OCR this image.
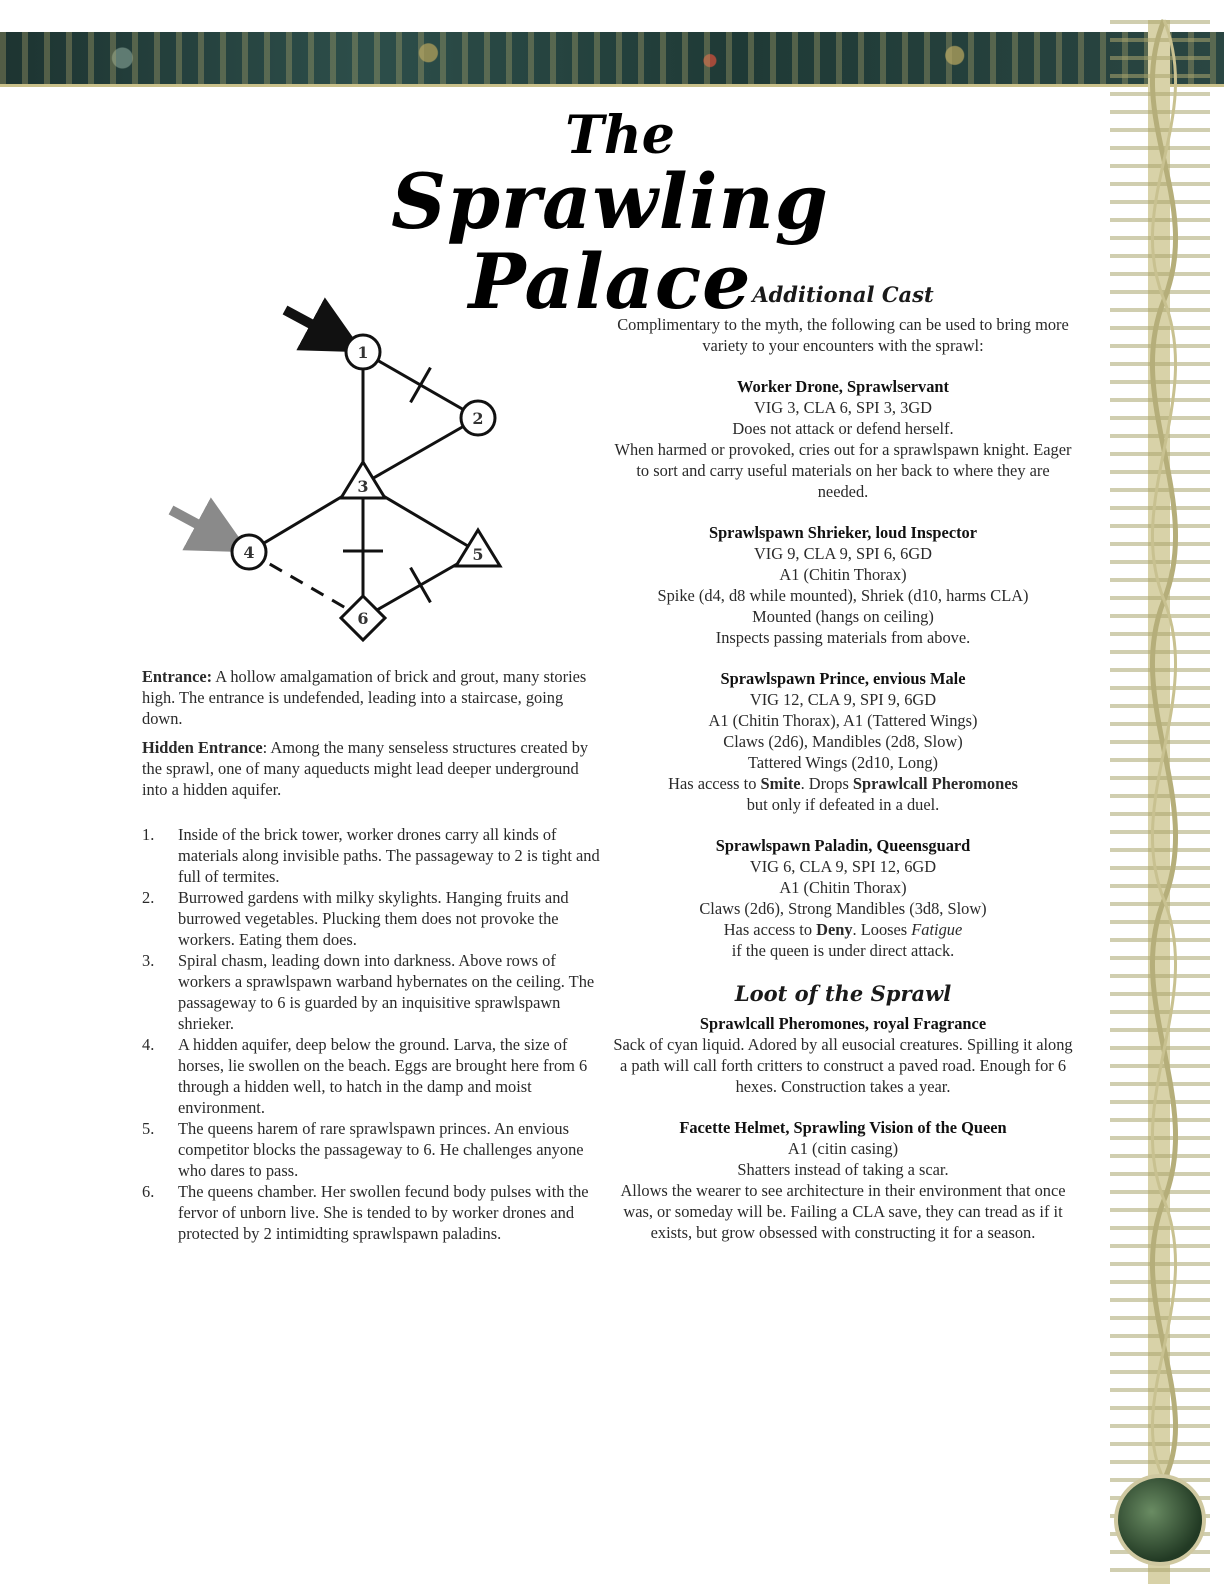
The
Sprawling Palace
1
2
3
4	5
6

Entrance: A hollow amalgamation of brick and grout, many stories high. The entrance is undefended, leading into a staircase, going down.

Hidden Entrance: Among the many senseless structures created by the sprawl, one of many aqueducts might lead deeper underground into a hidden aquifer.

1.	Inside of the brick tower, worker drones carry all kinds of materials along invisible paths. The passageway to 2 is tight and full of termites.
2.	Burrowed gardens with milky skylights. Hanging fruits and burrowed vegetables. Plucking them does not provoke the workers. Eating them does.
3.	Spiral chasm, leading down into darkness. Above rows of workers a sprawlspawn warband hybernates on the ceiling. The passageway to 6 is guarded by an inquisitive sprawlspawn shrieker.
4.	A hidden aquifer, deep below the ground. Larva, the size of horses, lie swollen on the beach. Eggs are brought here from 6 through a hidden well, to hatch in the damp and moist environment.
5.	The queens harem of rare sprawlspawn princes. An envious competitor blocks the passageway to 6. He challenges anyone who dares to pass.
6.	The queens chamber. Her swollen fecund body pulses with the fervor of unborn live. She is tended to by worker drones and protected by 2 intimidting sprawlspawn paladins.
Additional Cast
Complimentary to the myth, the following can be used to bring more variety to your encounters with the sprawl:
Worker Drone, Sprawlservant
VIG 3, CLA 6, SPI 3, 3GD
Does not attack or defend herself.
When harmed or provoked, cries out for a sprawlspawn knight. Eager to sort and carry useful materials on her back to where they are needed.
Sprawlspawn Shrieker, loud Inspector
VIG 9, CLA 9, SPI 6, 6GD
A1 (Chitin Thorax)
Spike (d4, d8 while mounted), Shriek (d10, harms CLA)
Mounted (hangs on ceiling)
Inspects passing materials from above.
Sprawlspawn Prince, envious Male
VIG 12, CLA 9, SPI 9, 6GD
A1 (Chitin Thorax), A1 (Tattered Wings)
Claws (2d6), Mandibles (2d8, Slow)
Tattered Wings (2d10, Long)
Has access to Smite. Drops Sprawlcall Pheromones
but only if defeated in a duel.
Sprawlspawn Paladin, Queensguard
VIG 6, CLA 9, SPI 12, 6GD
A1 (Chitin Thorax)
Claws (2d6), Strong Mandibles (3d8, Slow)
Has access to Deny. Looses Fatigue
if the queen is under direct attack.
Loot of the Sprawl
Sprawlcall Pheromones, royal Fragrance
Sack of cyan liquid. Adored by all eusocial creatures. Spilling it along a path will call forth critters to construct a paved road. Enough for 6 hexes. Construction takes a year.
Facette Helmet, Sprawling Vision of the Queen
A1 (citin casing)
Shatters instead of taking a scar.
Allows the wearer to see architecture in their environment that once was, or someday will be. Failing a CLA save, they can tread as if it exists, but grow obsessed with constructing it for a season.
